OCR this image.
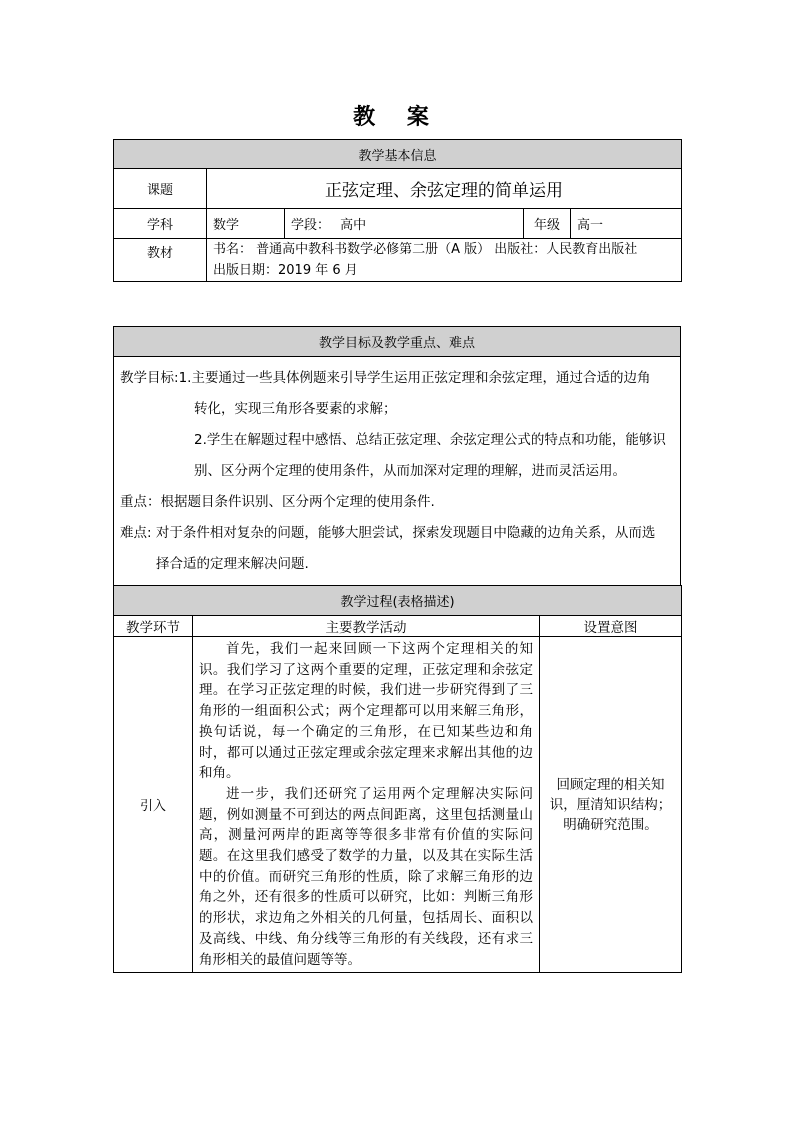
教 案
教学基本信息				
课题	正弦定理、余弦定理的简单运用			
学科	数学	学段： 高中	年级	高一
教材	书名： 普通高中教科书数学必修第二册（A 版） 出版社：人民教育出版社
出版日期：2019 年 6 月			
教学目标及教学重点、难点

教学目标: 1.主要通过一些具体例题来引导学生运用正弦定理和余弦定理，通过合适的边角
转化，实现三角形各要素的求解；
2.学生在解题过程中感悟、总结正弦定理、余弦定理公式的特点和功能，能够识
别、区分两个定理的使用条件，从而加深对定理的理解，进而灵活运用。
重点：根据题目条件识别、区分两个定理的使用条件.
难点: 对于条件相对复杂的问题，能够大胆尝试，探索发现题目中隐藏的边角关系，从而选
择合适的定理来解决问题.
教学过程(表格描述)		
教学环节	主要教学活动	设置意图
引入	首先，我们一起来回顾一下这两个定理相关的知识。我们学习了这两个重要的定理，正弦定理和余弦定理。在学习正弦定理的时候，我们进一步研究得到了三角形的一组面积公式；两个定理都可以用来解三角形，换句话说，每一个确定的三角形，在已知某些边和角时，都可以通过正弦定理或余弦定理来求解出其他的边和角。

进一步，我们还研究了运用两个定理解决实际问题，例如测量不可到达的两点间距离，这里包括测量山高，测量河两岸的距离等等很多非常有价值的实际问题。在这里我们感受了数学的力量，以及其在实际生活中的价值。而研究三角形的性质，除了求解三角形的边角之外，还有很多的性质可以研究，比如：判断三角形的形状，求边角之外相关的几何量，包括周长、面积以及高线、中线、角分线等三角形的有关线段，还有求三角形相关的最值问题等等。	回顾定理的相关知识，厘清知识结构；明确研究范围。
